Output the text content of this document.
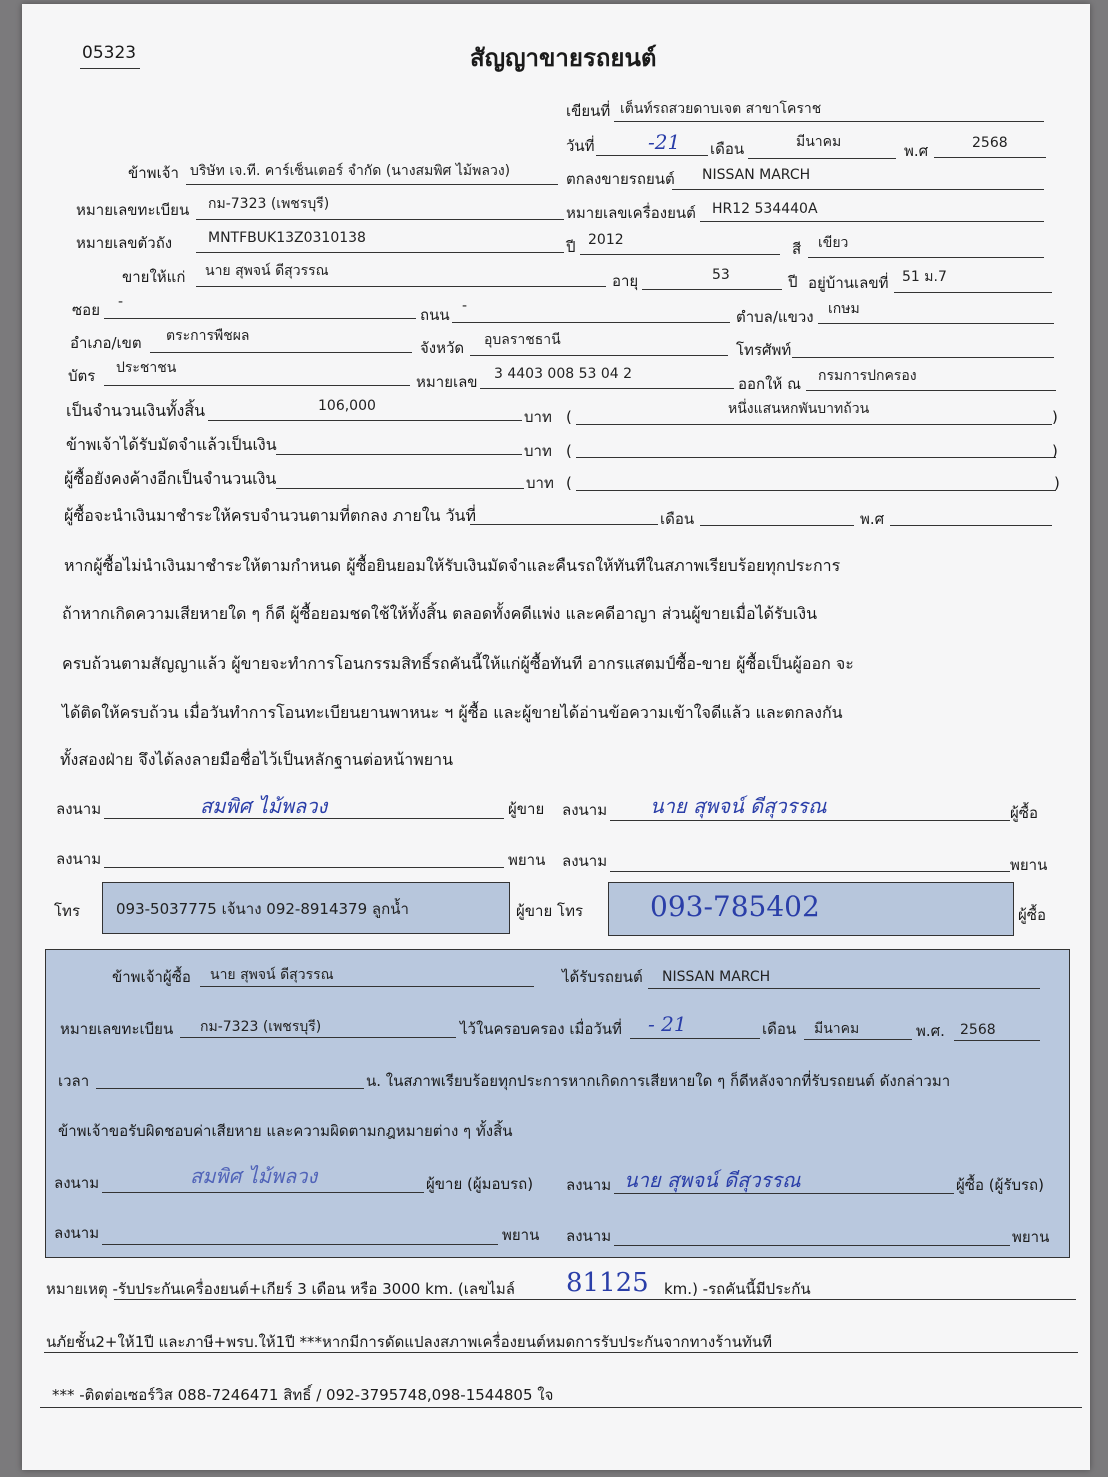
05323	สัญญาขายรถยนต์
เขียนที่ เต็นท์รถสวยดาบเจต สาขาโคราช
วันที่	-21 เดือน	มีนาคม	พ.ศ	2568
ข้าพเจ้า บริษัท เจ.ที. คาร์เซ็นเตอร์ จำกัด (นางสมพิศ ไม้พลวง)	ตกลงขายรถยนต์ NISSAN MARCH
หมายเลขทะเบียน กม-7323 (เพชรบุรี)	หมายเลขเครื่องยนต์ HR12 534440A
หมายเลขตัวถัง	MNTFBUK13Z0310138	ปี 2012	สี เขียว
ขายให้แก่ นาย สุพจน์ ดีสุวรรณ
อายุ	53	ปี อยู่บ้านเลขที่ 51 ม.7
ซอย -
ถนน -
ตำบล/แขวง เกษม
อำเภอ/เขต ตระการพืชผล
จังหวัด อุบลราชธานี
โทรศัพท์
บัตร ประชาชน
หมายเลข 3 4403 008 53 04 2
ออกให้ ณ กรมการปกครอง
เป็นจำนวนเงินทั้งสิ้น	106,000
บาท (	หนึ่งแสนหกพันบาทถ้วน	)
ข้าพเจ้าได้รับมัดจำแล้วเป็นเงิน	บาท (	)
ผู้ซื้อยังคงค้างอีกเป็นจำนวนเงิน	บาท (	)
ผู้ซื้อจะนำเงินมาชำระให้ครบจำนวนตามที่ตกลง ภายใน วันที่	เดือน	พ.ศ
หากผู้ซื้อไม่นำเงินมาชำระให้ตามกำหนด ผู้ซื้อยินยอมให้รับเงินมัดจำและคืนรถให้ทันทีในสภาพเรียบร้อยทุกประการ
ถ้าหากเกิดความเสียหายใด ๆ ก็ดี ผู้ซื้อยอมชดใช้ให้ทั้งสิ้น ตลอดทั้งคดีแพ่ง และคดีอาญา ส่วนผู้ขายเมื่อได้รับเงิน
ครบถ้วนตามสัญญาแล้ว ผู้ขายจะทำการโอนกรรมสิทธิ์รถคันนี้ให้แก่ผู้ซื้อทันที อากรแสตมป์ซื้อ-ขาย ผู้ซื้อเป็นผู้ออก จะ
ได้ติดให้ครบถ้วน เมื่อวันทำการโอนทะเบียนยานพาหนะ ฯ ผู้ซื้อ และผู้ขายได้อ่านข้อความเข้าใจดีแล้ว และตกลงกัน
ทั้งสองฝ่าย จึงได้ลงลายมือชื่อไว้เป็นหลักฐานต่อหน้าพยาน
ลงนาม	สมพิศ ไม้พลวง	ผู้ขาย ลงนาม นาย สุพจน์ ดีสุวรรณ	ผู้ซื้อ
ลงนาม	พยาน ลงนาม	พยาน
โทร 093-5037775 เจ้นาง 092-8914379 ลูกน้ำ	ผู้ขาย โทร 093-785402	ผู้ซื้อ
ข้าพเจ้าผู้ซื้อ นาย สุพจน์ ดีสุวรรณ	ได้รับรถยนต์ NISSAN MARCH
หมายเลขทะเบียน กม-7323 (เพชรบุรี)	ไว้ในครอบครอง เมื่อวันที่ - 21	เดือน มีนาคม	พ.ศ. 2568
เวลา	น. ในสภาพเรียบร้อยทุกประการหากเกิดการเสียหายใด ๆ ก็ดีหลังจากที่รับรถยนต์ ดังกล่าวมา
ข้าพเจ้าขอรับผิดชอบค่าเสียหาย และความผิดตามกฎหมายต่าง ๆ ทั้งสิ้น
ลงนาม	สมพิศ ไม้พลวง	ผู้ขาย (ผู้มอบรถ) ลงนาม นาย สุพจน์ ดีสุวรรณ	ผู้ซื้อ (ผู้รับรถ)
ลงนาม	พยาน ลงนาม	พยาน
หมายเหตุ -รับประกันเครื่องยนต์+เกียร์ 3 เดือน หรือ 3000 km. (เลขไมล์ 81125 km.) -รถคันนี้มีประกัน
นภัยชั้น2+ให้1ปี และภาษี+พรบ.ให้1ปี ***หากมีการดัดแปลงสภาพเครื่องยนต์หมดการรับประกันจากทางร้านทันที
*** -ติดต่อเซอร์วิส 088-7246471 สิทธิ์ / 092-3795748,098-1544805 ใจ
